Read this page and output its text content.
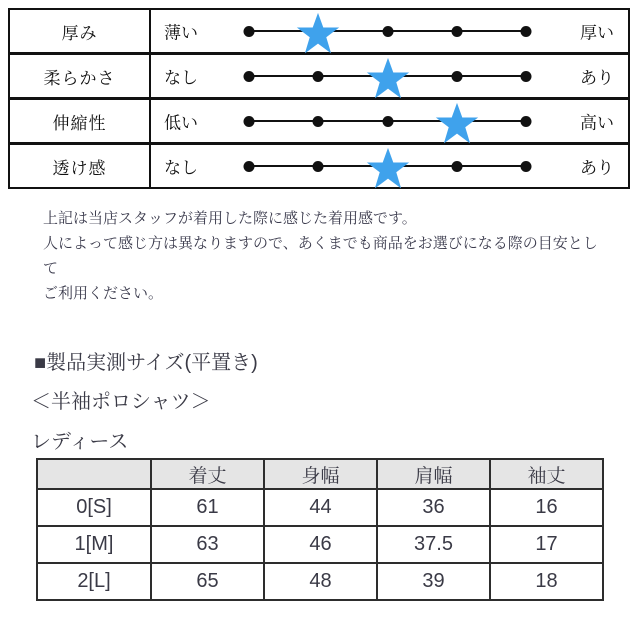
厚み	薄い	厚い
柔らかさ	なし	あり
伸縮性	低い	高い
透け感	なし	あり
上記は当店スタッフが着用した際に感じた着用感です。
人によって感じ方は異なりますので、あくまでも商品をお選びになる際の目安として
ご利用ください。
■製品実測サイズ(平置き)
＜半袖ポロシャツ＞
レディース
	着丈	身幅	肩幅	袖丈
0[S]	61	44	36	16
1[M]	63	46	37.5	17
2[L]	65	48	39	18
